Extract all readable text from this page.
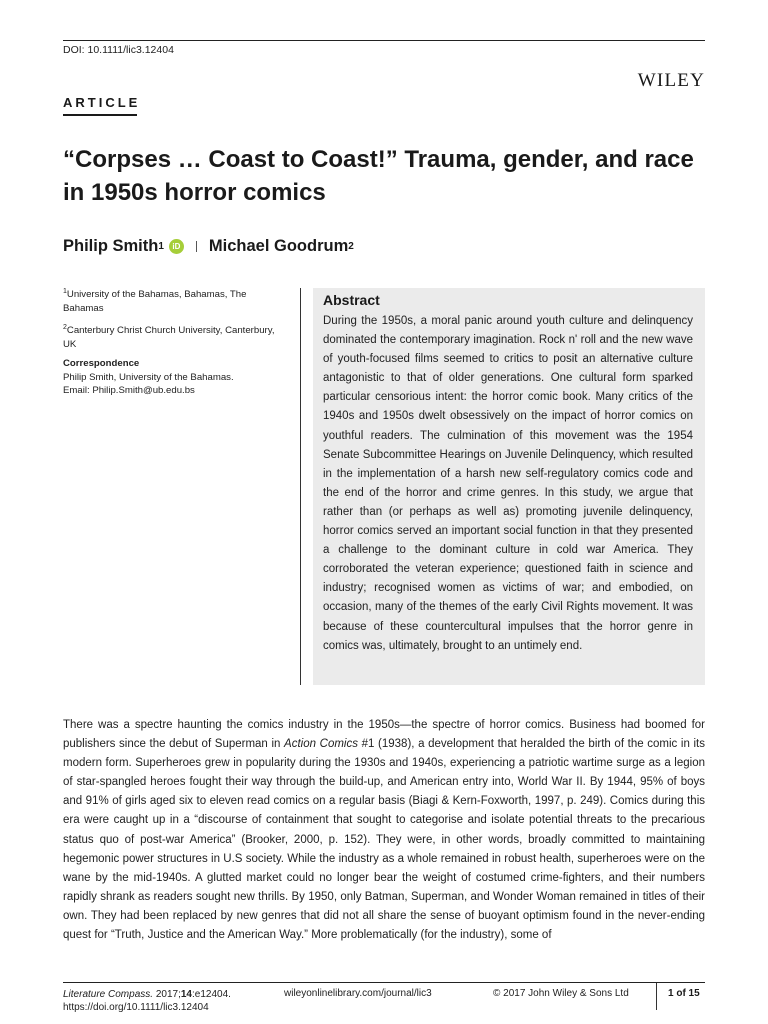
DOI: 10.1111/lic3.12404
WILEY
ARTICLE
“Corpses … Coast to Coast!” Trauma, gender, and race in 1950s horror comics
Philip Smith 1	iD Michael Goodrum 2

$^1$University of the Bahamas, Bahamas, The Bahamas

$^2$Canterbury Christ Church University, Canterbury, UK

Correspondence

Philip Smith, University of the Bahamas.

Email: Philip.Smith@ub.edu.bs

Abstract
During the 1950s, a moral panic around youth culture and delinquency dominated the contemporary imagination. Rock n' roll and the new wave of youth-focused films seemed to critics to posit an alternative culture antagonistic to that of older generations. One cultural form sparked particular censorious intent: the horror comic book. Many critics of the 1940s and 1950s dwelt obsessively on the impact of horror comics on youthful readers. The culmination of this movement was the 1954 Senate Subcommittee Hearings on Juvenile Delinquency, which resulted in the implementation of a harsh new self-regulatory comics code and the end of the horror and crime genres. In this study, we argue that rather than (or perhaps as well as) promoting juvenile delinquency, horror comics served an important social function in that they presented a challenge to the dominant culture in cold war America. They corroborated the veteran experience; questioned faith in science and industry; recognised women as victims of war; and embodied, on occasion, many of the themes of the early Civil Rights movement. It was because of these countercultural impulses that the horror genre in comics was, ultimately, brought to an untimely end.
There was a spectre haunting the comics industry in the 1950s—the spectre of horror comics. Business had boomed for publishers since the debut of Superman in Action Comics #1 (1938), a development that heralded the birth of the comic in its modern form. Superheroes grew in popularity during the 1930s and 1940s, experiencing a patriotic wartime surge as a legion of star-spangled heroes fought their way through the build-up, and American entry into, World War II. By 1944, 95% of boys and 91% of girls aged six to eleven read comics on a regular basis (Biagi & Kern-Foxworth, 1997, p. 249). Comics during this era were caught up in a “discourse of containment that sought to categorise and isolate potential threats to the precarious status quo of post-war America” (Brooker, 2000, p. 152). They were, in other words, broadly committed to maintaining hegemonic power structures in U.S society. While the industry as a whole remained in robust health, superheroes were on the wane by the mid-1940s. A glutted market could no longer bear the weight of costumed crime-fighters, and their numbers rapidly shrank as readers sought new thrills. By 1950, only Batman, Superman, and Wonder Woman remained in titles of their own. They had been replaced by new genres that did not all share the sense of buoyant optimism found in the never-ending quest for “Truth, Justice and the American Way.” More problematically (for the industry), some of
Literature Compass. 2017;14:e12404.
https://doi.org/10.1111/lic3.12404
wileyonlinelibrary.com/journal/lic3	© 2017 John Wiley & Sons Ltd	1 of 15
